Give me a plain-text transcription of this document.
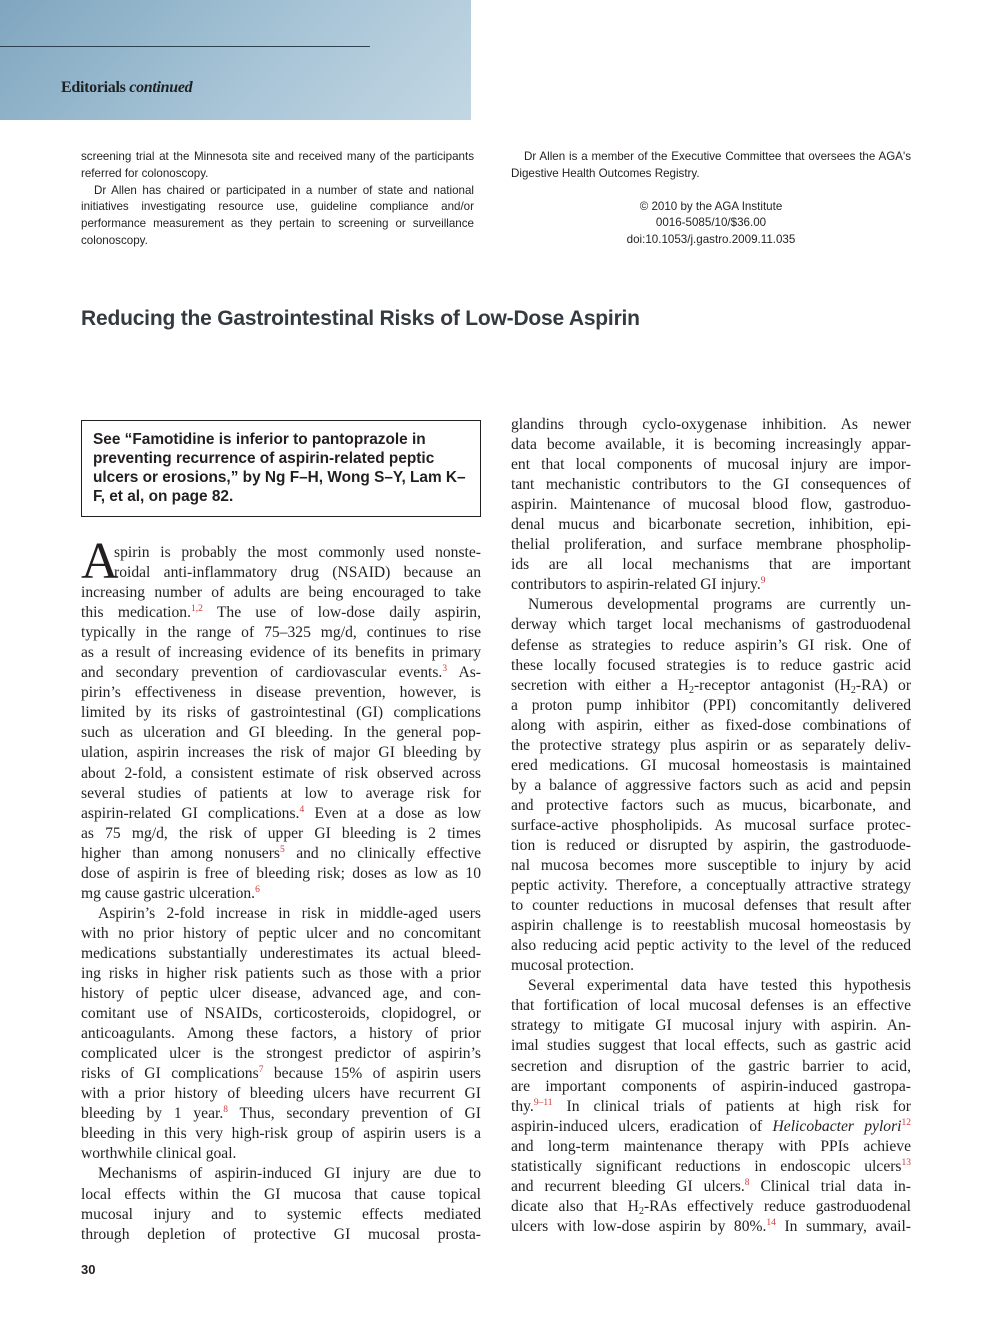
Editorials continued

screening trial at the Minnesota site and received many of the participants referred for colonoscopy.

Dr Allen has chaired or participated in a number of state and national initiatives investigating resource use, guideline compliance and/or performance measurement as they pertain to screening or surveillance colonoscopy.

Dr Allen is a member of the Executive Committee that oversees the AGA's Digestive Health Outcomes Registry.

© 2010 by the AGA Institute
0016-5085/10/$36.00
doi:10.1053/j.gastro.2009.11.035
Reducing the Gastrointestinal Risks of Low-Dose Aspirin
See “Famotidine is inferior to pantoprazole in preventing recurrence of aspirin-related peptic ulcers or erosions,” by Ng F–H, Wong S–Y, Lam K–F, et al, on page 82.
A
spirin is probably the most commonly used nonste-
roidal anti-inflammatory drug (NSAID) because an
increasing number of adults are being encouraged to take
this medication.$^{1,2}$ The use of low-dose daily aspirin,
typically in the range of 75–325 mg/d, continues to rise
as a result of increasing evidence of its benefits in primary
and secondary prevention of cardiovascular events.$^3$ As-
pirin’s effectiveness in disease prevention, however, is
limited by its risks of gastrointestinal (GI) complications
such as ulceration and GI bleeding. In the general pop-
ulation, aspirin increases the risk of major GI bleeding by
about 2-fold, a consistent estimate of risk observed across
several studies of patients at low to average risk for
aspirin-related GI complications.$^4$ Even at a dose as low
as 75 mg/d, the risk of upper GI bleeding is 2 times
higher than among nonusers$^5$ and no clinically effective
dose of aspirin is free of bleeding risk; doses as low as 10
mg cause gastric ulceration.$^6$
Aspirin’s 2-fold increase in risk in middle-aged users
with no prior history of peptic ulcer and no concomitant
medications substantially underestimates its actual bleed-
ing risks in higher risk patients such as those with a prior
history of peptic ulcer disease, advanced age, and con-
comitant use of NSAIDs, corticosteroids, clopidogrel, or
anticoagulants. Among these factors, a history of prior
complicated ulcer is the strongest predictor of aspirin’s
risks of GI complications$^7$ because 15% of aspirin users
with a prior history of bleeding ulcers have recurrent GI
bleeding by 1 year.$^8$ Thus, secondary prevention of GI
bleeding in this very high-risk group of aspirin users is a
worthwhile clinical goal.
Mechanisms of aspirin-induced GI injury are due to
local effects within the GI mucosa that cause topical
mucosal injury and to systemic effects mediated
through depletion of protective GI mucosal prosta-
glandins through cyclo-oxygenase inhibition. As newer
data become available, it is becoming increasingly appar-
ent that local components of mucosal injury are impor-
tant mechanistic contributors to the GI consequences of
aspirin. Maintenance of mucosal blood flow, gastroduo-
denal mucus and bicarbonate secretion, inhibition, epi-
thelial proliferation, and surface membrane phospholip-
ids are all local mechanisms that are important
contributors to aspirin-related GI injury.$^9$
Numerous developmental programs are currently un-
derway which target local mechanisms of gastroduodenal
defense as strategies to reduce aspirin’s GI risk. One of
these locally focused strategies is to reduce gastric acid
secretion with either a $H_2$-receptor antagonist $(H_2-RA)$ or
a proton pump inhibitor (PPI) concomitantly delivered
along with aspirin, either as fixed-dose combinations of
the protective strategy plus aspirin or as separately deliv-
ered medications. GI mucosal homeostasis is maintained
by a balance of aggressive factors such as acid and pepsin
and protective factors such as mucus, bicarbonate, and
surface-active phospholipids. As mucosal surface protec-
tion is reduced or disrupted by aspirin, the gastroduode-
nal mucosa becomes more susceptible to injury by acid
peptic activity. Therefore, a conceptually attractive strategy
to counter reductions in mucosal defenses that result after
aspirin challenge is to reestablish mucosal homeostasis by
also reducing acid peptic activity to the level of the reduced
mucosal protection.
Several experimental data have tested this hypothesis
that fortification of local mucosal defenses is an effective
strategy to mitigate GI mucosal injury with aspirin. An-
imal studies suggest that local effects, such as gastric acid
secretion and disruption of the gastric barrier to acid,
are important components of aspirin-induced gastropa-
thy.$^{9-11}$ In clinical trials of patients at high risk for
aspirin-induced ulcers, eradication of Helicobacter pylori$^{12}$
and long-term maintenance therapy with PPIs achieve
statistically significant reductions in endoscopic ulcers$^{13}$
and recurrent bleeding GI ulcers.$^8$ Clinical trial data in-
dicate also that $H_2$-RAs effectively reduce gastroduodenal
ulcers with low-dose aspirin by 80%.$^{14}$ In summary, avail-
30
